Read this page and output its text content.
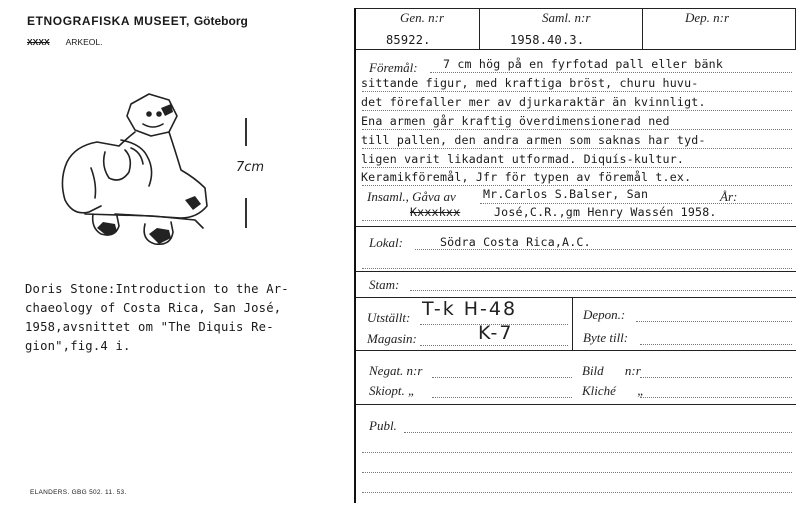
ETNOGRAFISKA MUSEET, Göteborg
XXXX ARKEOL.
7cm
Doris Stone:Introduction to the Ar-
chaeology of Costa Rica, San José,
1958,avsnittet om "The Diquis Re-
gion",fig.4 i.
ELANDERS. GBG 502. 11. 53.
Gen. n:r	Saml. n:r	Dep. n:r
85922.	1958.40.3.
Föremål: 7 cm hög på en fyrfotad pall eller bänk
sittande figur, med kraftiga bröst, churu huvu-
det förefaller mer av djurkaraktär än kvinnligt.
Ena armen går kraftig överdimensionerad ned
till pallen, den andra armen som saknas har tyd-
ligen varit likadant utformad. Diquís-kultur.
Keramikföremål, Jfr för typen av föremål t.ex.
Insaml., Gåva av Mr.Carlos S.Balser, San	År:
Kxxxkxx	José,C.R.,gm Henry Wassén 1958.
Lokal:	Södra Costa Rica,A.C.
Stam:
Utställt: T-k H-48
Magasin:	K-7
Depon.:
Byte till:
Negat. n:r	Bild n:r
Skiopt. „	Kliché „
Publ.
